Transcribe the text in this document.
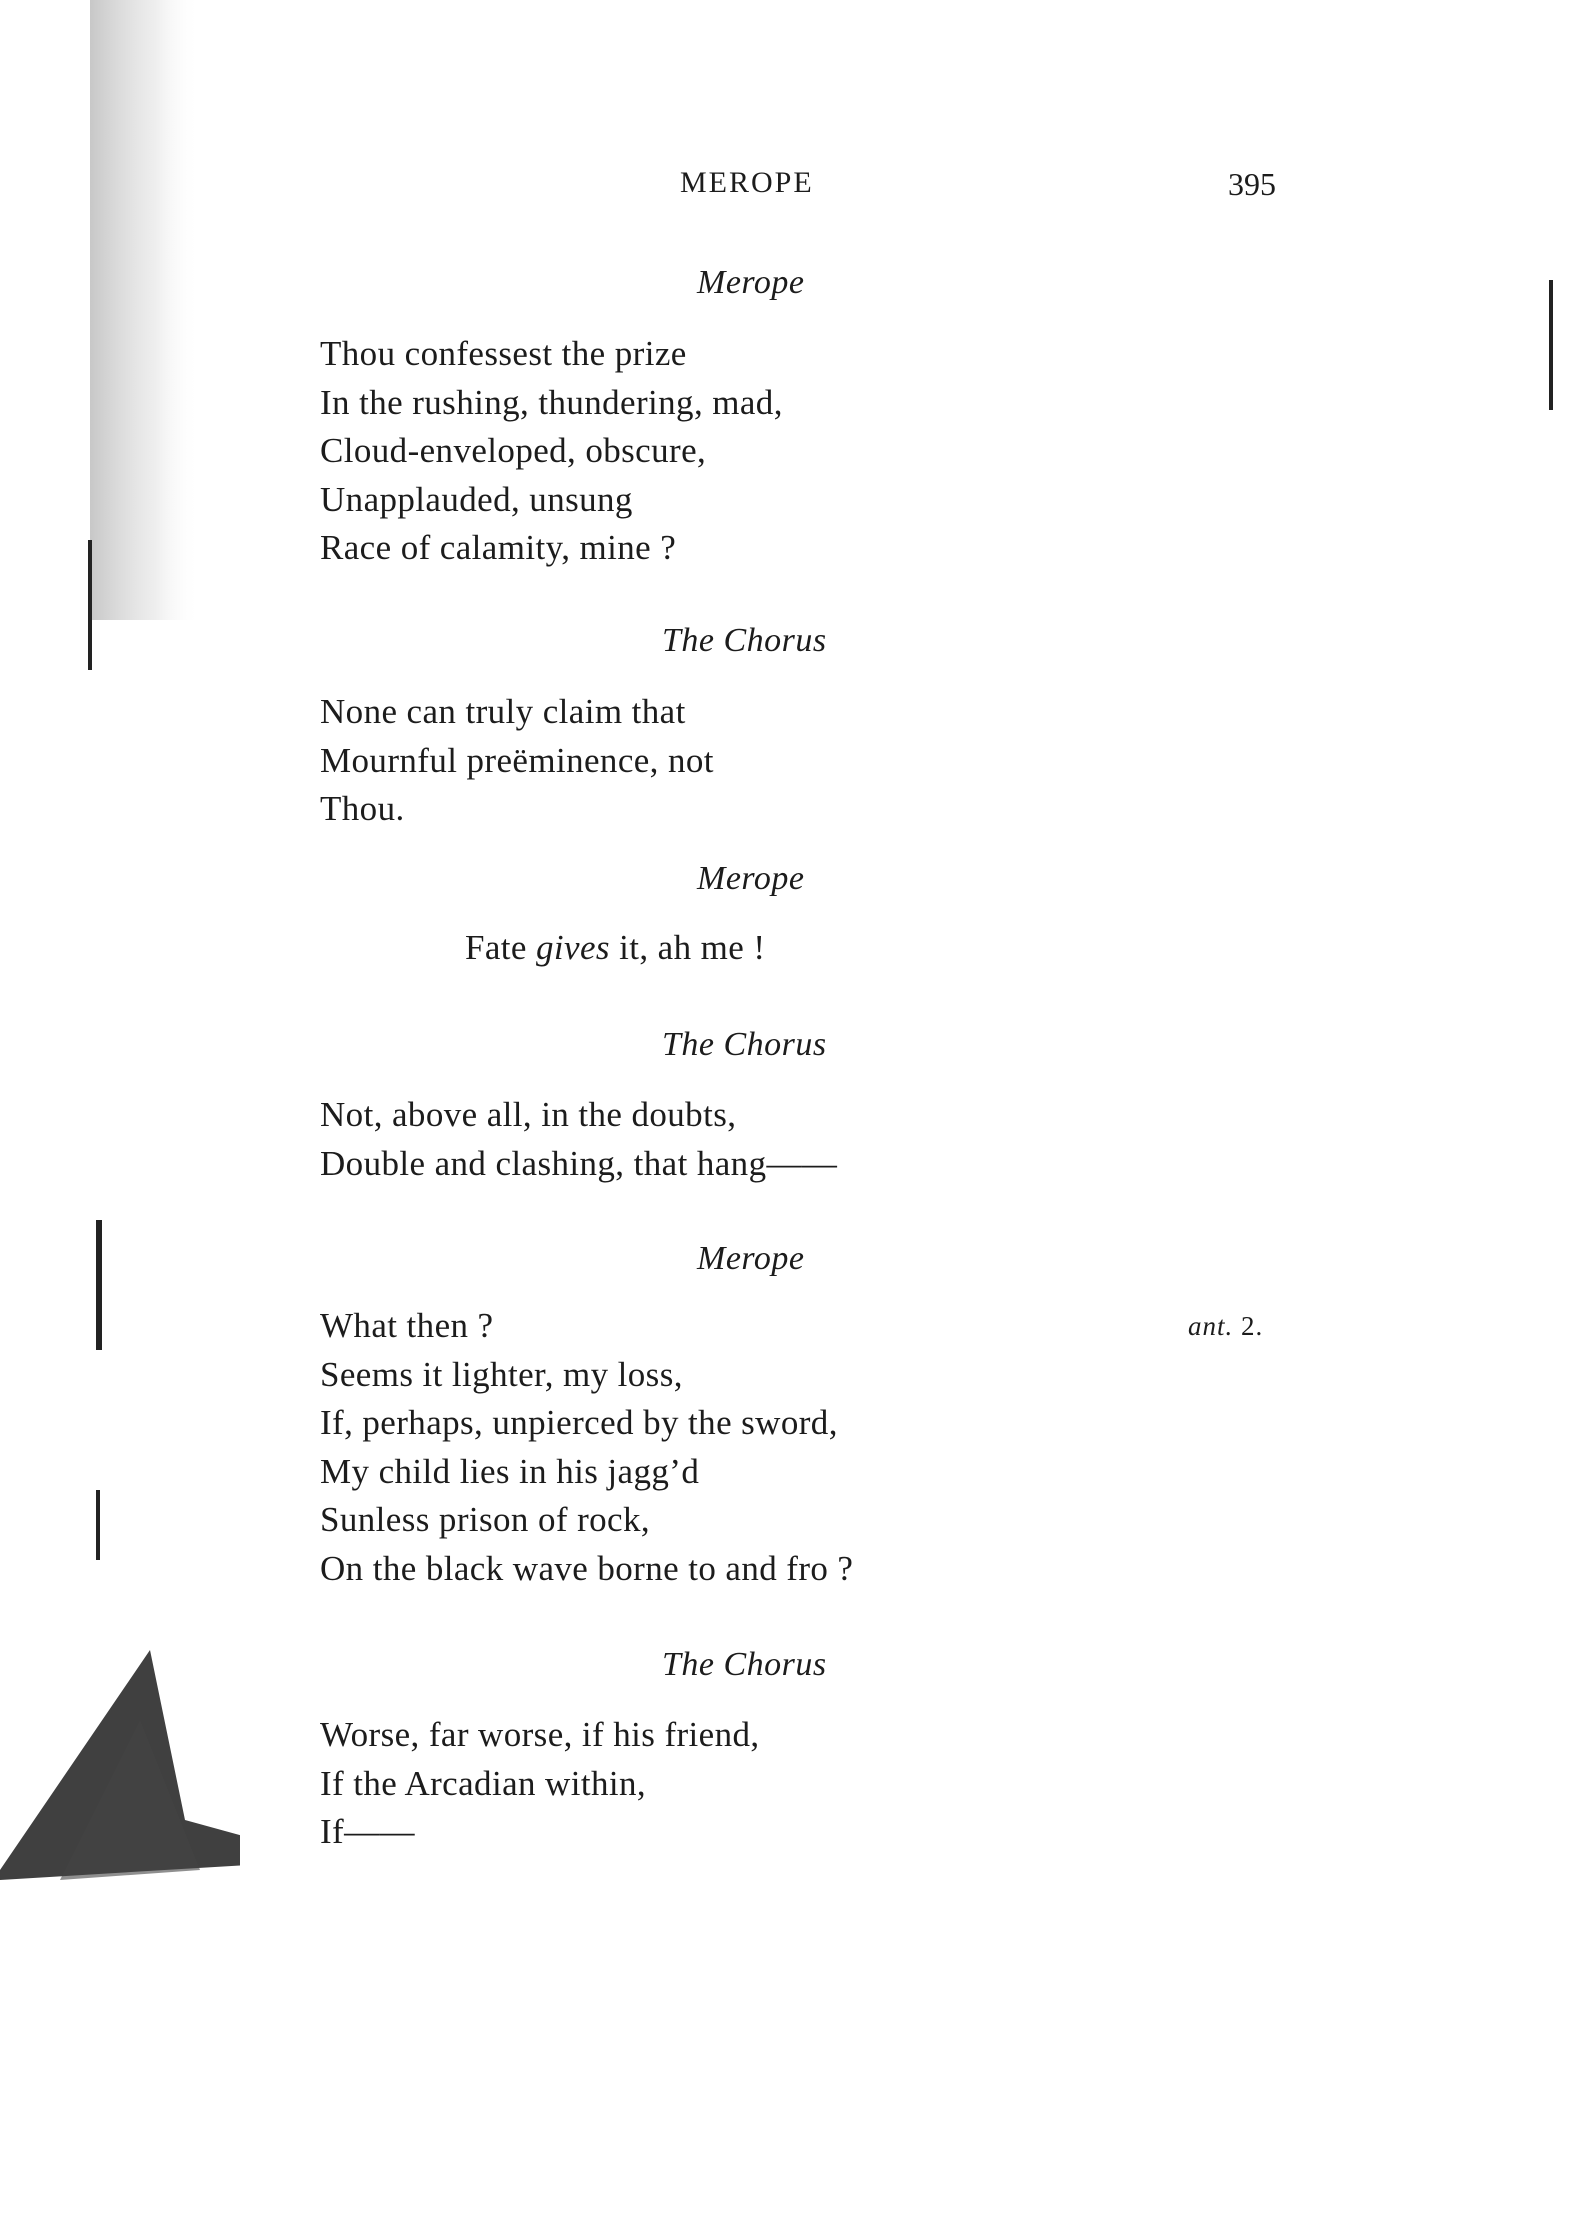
MEROPE	395
Merope
Thou confessest the prize
In the rushing, thundering, mad,
Cloud-enveloped, obscure,
Unapplauded, unsung
Race of calamity, mine ?
The Chorus
None can truly claim that
Mournful preëminence, not
Thou.
Merope
Fate gives it, ah me !
The Chorus
Not, above all, in the doubts,
Double and clashing, that hang——
Merope
What then ?
Seems it lighter, my loss,
If, perhaps, unpierced by the sword,
My child lies in his jagg’d
Sunless prison of rock,
On the black wave borne to and fro ?
ant. 2.
The Chorus
Worse, far worse, if his friend,
If the Arcadian within,
If——
